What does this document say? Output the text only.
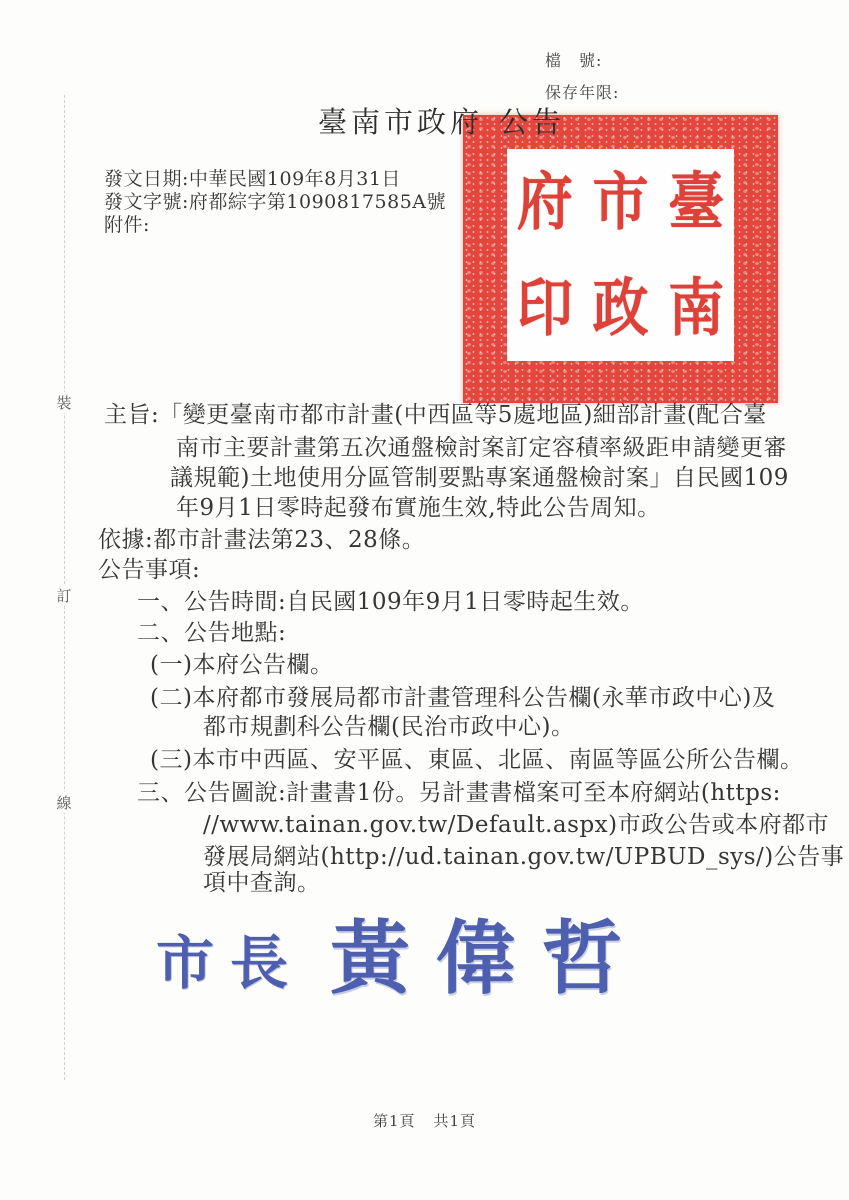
裝
訂
線
檔　號:
保存年限:
府 市 臺
印 政 南
臺南市政府 公告
發文日期:中華民國109年8月31日
發文字號:府都綜字第1090817585A號
附件:
主旨:「變更臺南市都市計畫(中西區等5處地區)細部計畫(配合臺
南市主要計畫第五次通盤檢討案訂定容積率級距申請變更審
議規範)土地使用分區管制要點專案通盤檢討案」自民國109
年9月1日零時起發布實施生效,特此公告周知。
依據:都市計畫法第23、28條。
公告事項:
一、公告時間:自民國109年9月1日零時起生效。
二、公告地點:
(一)本府公告欄。
(二)本府都市發展局都市計畫管理科公告欄(永華市政中心)及
都市規劃科公告欄(民治市政中心)。
(三)本市中西區、安平區、東區、北區、南區等區公所公告欄。
三、公告圖說:計畫書1份。另計畫書檔案可至本府網站(https:
//www.tainan.gov.tw/Default.aspx)市政公告或本府都市
發展局網站(http://ud.tainan.gov.tw/UPBUD_sys/)公告事
項中查詢。
市長 黃偉哲
第1頁 共1頁
